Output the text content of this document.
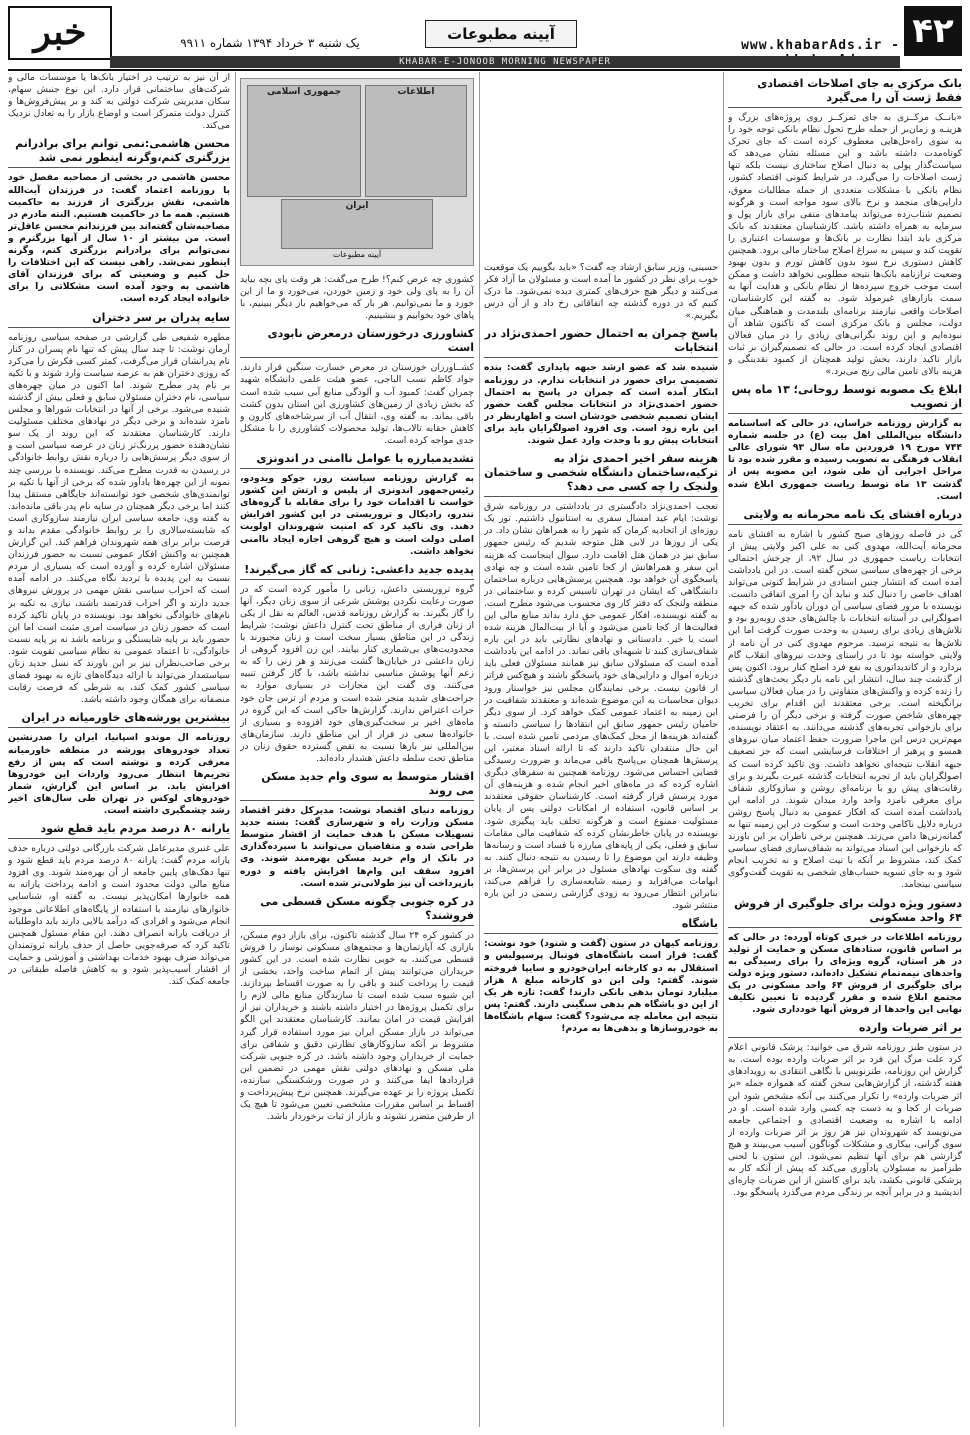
۴۲
www.khabarAds.ir -
آیینه مطبوعات
یک شنبه ۳ خرداد ۱۳۹۴ شماره ۹۹۱۱
خبر
KHABAR-E-JONOOB MORNING NEWSPAPER
بانک مرکزی به جای اصلاحات اقتصادی فقط ژست آن را می‌گیرد

«بانــک مرکــزی به جای تمرکــز روی پروژه‌های بزرگ و هزینـه و زمان‌بر از جمله طرح تحول نظام بانکی توجه خود را به سوی راه‌حل‌هایی معطوف کرده است که جای تحرک کوتاه‌مدت داشته باشد و این مسئله نشان می‌دهد که سیاست‌گذار پولی به دنبال اصلاح ساختاری نیست بلکه تنها ژست اصلاحات را می‌گیرد. در شرایط کنونی اقتصاد کشور، نظام بانکی با مشکلات متعددی از جمله مطالبات معوق، دارایی‌های منجمد و نرخ بالای سود مواجه است و هرگونه تصمیم شتاب‌زده می‌تواند پیامدهای منفی برای بازار پول و سرمایه به همراه داشته باشد. کارشناسان معتقدند که بانک مرکزی باید ابتدا نظارت بر بانک‌ها و موسسات اعتباری را تقویت کند و سپس به سراغ اصلاح ساختار مالی برود. همچنین کاهش دستوری نرخ سود بدون کاهش تورم و بدون بهبود وضعیت ترازنامه بانک‌ها نتیجه مطلوبی نخواهد داشت و ممکن است موجب خروج سپرده‌ها از نظام بانکی و هدایت آنها به سمت بازارهای غیرمولد شود. به گفته این کارشناسان، اصلاحات واقعی نیازمند برنامه‌ای بلندمدت و هماهنگی میان دولت، مجلس و بانک مرکزی است که تاکنون شاهد آن نبوده‌ایم و این روند نگرانی‌های زیادی را در میان فعالان اقتصادی ایجاد کرده است. در حالی که تصمیم‌گیران بر ثبات بازار تاکید دارند، بخش تولید همچنان از کمبود نقدینگی و هزینه بالای تامین مالی رنج می‌برد.»

ابلاغ یک مصوبه توسط روحانی؛ ۱۳ ماه پس از تصویب

به گزارش روزنامه خراسان، در حالی که اساسنامه دانشگاه بین‌المللی اهل بیت (ع) در جلسه شماره ۷۴۴ مورخ ۱۹ فروردین ماه سال ۹۳ شورای عالی انقلاب فرهنگی به تصویب رسیده و مقرر شده بود تا مراحل اجرایی آن طی شود، این مصوبه پس از گذشت ۱۳ ماه توسط ریاست جمهوری ابلاغ شده است.

درباره افشای یک نامه محرمانه به ولایتی

کی در فاصله روزهای صبح کشور با اشاره به افشای نامه محرمانه آیت‌الله، مهدوی کنی به علی اکبر ولایتی پیش از انتخابات ریاست جمهوری در سال ۹۲، از چرخش احتمالی برخی از چهره‌های سیاسی سخن گفته است. در این یادداشت آمده است که انتشار چنین اسنادی در شرایط کنونی می‌تواند اهداف خاصی را دنبال کند و نباید آن را امری اتفاقی دانست. نویسنده با مرور فضای سیاسی آن دوران یادآور شده که جبهه اصولگرایی در آستانه انتخابات با چالش‌های جدی روبه‌رو بود و تلاش‌های زیادی برای رسیدن به وحدت صورت گرفت اما این تلاش‌ها به نتیجه نرسید. مرحوم مهدوی کنی در آن نامه از ولایتی خواسته بود تا در راستای وحدت نیروهای انقلاب گام بردارد و از کاندیداتوری به نفع فرد اصلح کنار برود. اکنون پس از گذشت چند سال، انتشار این نامه بار دیگر بحث‌های گذشته را زنده کرده و واکنش‌های متفاوتی را در میان فعالان سیاسی برانگیخته است. برخی معتقدند این اقدام برای تخریب چهره‌های شاخص صورت گرفته و برخی دیگر آن را فرصتی برای بازخوانی تجربه‌های گذشته می‌دانند. به اعتقاد نویسنده، مهم‌ترین درس این ماجرا ضرورت حفظ اعتماد میان نیروهای همسو و پرهیز از اختلافات فرسایشی است که جز تضعیف جبهه انقلاب نتیجه‌ای نخواهد داشت. وی تاکید کرده است که اصولگرایان باید از تجربه انتخابات گذشته عبرت بگیرند و برای رقابت‌های پیش رو با برنامه‌ای روشن و سازوکاری شفاف برای معرفی نامزد واحد وارد میدان شوند. در ادامه این یادداشت آمده است که افکار عمومی به دنبال پاسخ روشن درباره دلایل ناکامی وحدت است و سکوت در این زمینه تنها به گمانه‌زنی‌ها دامن می‌زند. همچنین برخی ناظران بر این باورند که بازخوانی این اسناد می‌تواند به شفاف‌سازی فضای سیاسی کمک کند، مشروط بر آنکه با نیت اصلاح و نه تخریب انجام شود و به جای تسویه حساب‌های شخصی به تقویت گفت‌وگوی سیاسی بینجامد.

دستور ویژه دولت برای جلوگیری از فروش ۶۴ واحد مسکونی

روزنامه اطلاعات در خبری کوتاه آورده: در حالی که بر اساس قانون، ستادهای مسکن و حمایت از تولید در هر استان، گروه ویژه‌ای را برای رسیدگی به واحدهای نیمه‌تمام تشکیل داده‌اند، دستور ویژه دولت برای جلوگیری از فروش ۶۴ واحد مسکونی در یک مجتمع ابلاغ شده و مقرر گردیده تا تعیین تکلیف نهایی این واحدها از فروش آنها خودداری شود.

بر اثر ضربات وارده

در ستون طنز روزنامه شرق می خوانید: پزشک قانونی اعلام کرد علت مرگ این فرد بر اثر ضربات وارده بوده است. به گزارش این روزنامه، طنزنویس با نگاهی انتقادی به رویدادهای هفته گذشته، از گزارش‌هایی سخن گفته که همواره جمله «بر اثر ضربات وارده» را تکرار می‌کنند بی آنکه مشخص شود این ضربات از کجا و به دست چه کسی وارد شده است. او در ادامه با اشاره به وضعیت اقتصادی و اجتماعی جامعه می‌نویسد که شهروندان نیز هر روز بر اثر ضربات وارده از سوی گرانی، بیکاری و مشکلات گوناگون آسیب می‌بینند و هیچ گزارشی هم برای آنها تنظیم نمی‌شود. این ستون با لحنی طنزآمیز به مسئولان یادآوری می‌کند که پیش از آنکه کار به پزشکی قانونی بکشد، باید برای کاستن از این ضربات چاره‌ای اندیشید و در برابر آنچه بر زندگی مردم می‌گذرد پاسخگو بود.

حسینی، وزیر سابق ارشاد چه گفت؟ «باید بگوییم یک موقعیت خوب برای نظر در کشور ما آمده است و مسئولان ما آزاد فکر می‌کنند و دیگر هیچ حرف‌های کمتری دیده نمی‌شود. ما درک کنیم که در دوره گذشته چه اتفاقاتی رخ داد و از آن درس بگیریم.»

پاسخ چمران به احتمال حضور احمدی‌نژاد در انتخابات

شنیده شد که عضو ارشد جبهه پایداری گفت: بنده تصمیمی برای حضور در انتخابات ندارم. در روزنامه ابتکار آمده است که چمران در پاسخ به احتمال حضور احمدی‌نژاد در انتخابات مجلس گفت حضور ایشان تصمیم شخصی خودشان است و اظهارنظر در این باره زود است. وی افزود اصولگرایان باید برای انتخابات پیش رو با وحدت وارد عمل شوند.

هزینه سفر اخیر احمدی نژاد به ترکیه،ساختمان دانشگاه شخصی و ساختمان ولنجک را چه کسی می دهد؟

تعجب احمدی‌نژاد دادگستری در یادداشتی در روزنامه شرق نوشت: ایام عید امسال سفری به استانبول داشتیم. تور یک روزه‌ای از اتحادیه کرمان که شهر را به همراهان نشان داد. در یکی از روزها در لابی هتل متوجه شدیم که رئیس جمهور سابق نیز در همان هتل اقامت دارد. سوال اینجاست که هزینه این سفر و همراهانش از کجا تامین شده است و چه نهادی پاسخگوی آن خواهد بود. همچنین پرسش‌هایی درباره ساختمان دانشگاهی که ایشان در تهران تاسیس کرده و ساختمانی در منطقه ولنجک که دفتر کار وی محسوب می‌شود مطرح است. به گفته نویسنده، افکار عمومی حق دارد بداند منابع مالی این فعالیت‌ها از کجا تامین می‌شود و آیا از بیت‌المال هزینه شده است یا خیر. دادستانی و نهادهای نظارتی باید در این باره شفاف‌سازی کنند تا شبهه‌ای باقی نماند. در ادامه این یادداشت آمده است که مسئولان سابق نیز همانند مسئولان فعلی باید درباره اموال و دارایی‌های خود پاسخگو باشند و هیچ‌کس فراتر از قانون نیست. برخی نمایندگان مجلس نیز خواستار ورود دیوان محاسبات به این موضوع شده‌اند و معتقدند شفافیت در این زمینه به اعتماد عمومی کمک خواهد کرد. از سوی دیگر حامیان رئیس جمهور سابق این انتقادها را سیاسی دانسته و گفته‌اند هزینه‌ها از محل کمک‌های مردمی تامین شده است. با این حال منتقدان تاکید دارند که تا ارائه اسناد معتبر، این پرسش‌ها همچنان بی‌پاسخ باقی می‌ماند و ضرورت رسیدگی قضایی احساس می‌شود. روزنامه همچنین به سفرهای دیگری اشاره کرده که در ماه‌های اخیر انجام شده و هزینه‌های آن مورد پرسش قرار گرفته است. کارشناسان حقوقی معتقدند بر اساس قانون، استفاده از امکانات دولتی پس از پایان مسئولیت ممنوع است و هرگونه تخلف باید پیگیری شود. نویسنده در پایان خاطرنشان کرده که شفافیت مالی مقامات سابق و فعلی، یکی از پایه‌های مبارزه با فساد است و رسانه‌ها وظیفه دارند این موضوع را تا رسیدن به نتیجه دنبال کنند. به گفته وی سکوت نهادهای مسئول در برابر این پرسش‌ها، بر ابهامات می‌افزاید و زمینه شایعه‌سازی را فراهم می‌کند، بنابراین انتظار می‌رود به زودی گزارشی رسمی در این باره منتشر شود.

باشگاه

روزنامه کیهان در ستون (گفت و شنود) خود نوشت: گفت: قرار است باشگاه‌های فوتبال پرسپولیس و استقلال به دو کارخانه ایران‌خودرو و سایپا فروخته شوند. گفتم: ولی این دو کارخانه مبلغ ۸ هزار میلیارد تومان بدهی بانکی دارند! گفت: تازه هر یک از این دو باشگاه هم بدهی سنگینی دارند. گفتم: پس نتیجه این معامله چه می‌شود؟ گفت: سهام باشگاه‌ها به خودروسازها و بدهی‌ها به مردم!

اطلاعات
جمهوری اسلامی
ایران
آیینه مطبوعات

کشوری چه عرض کنم؟! طرح می‌گفت: هر وقت پای بچه بیاید آن را به پای ولی خود و زمین خوردن، می‌خورد و ما از این خورد و ما نمی‌توانیم. هر بار که می‌خواهیم باز دیگر ببینیم، با پاهای خود بخوابیم و بنشینیم.

کشاورزی درخوزستان درمعرض نابودی است

کشــاورزان خوزستان در معرض خسارت سنگین قرار دارند. جواد کاظم نسب الباجی، عضو هیئت علمی دانشگاه شهید چمران گفت: کمبود آب و آلودگی منابع آبی سبب شده است که بخش زیادی از زمین‌های کشاورزی این استان بدون کشت باقی بماند. به گفته وی، انتقال آب از سرشاخه‌های کارون و کاهش حقابه تالاب‌ها، تولید محصولات کشاورزی را با مشکل جدی مواجه کرده است.

تشدیدمبارزه با عوامل ناامنی در اندونزی

به گزارش روزنامه سیاست روز، جوکو ویدودو، رئیس‌جمهور اندونزی از پلیس و ارتش این کشور خواست تا اقدامات خود را برای مقابله با گروه‌های تندرو، رادیکال و تروریستی در این کشور افزایش دهند. وی تاکید کرد که امنیت شهروندان اولویت اصلی دولت است و هیچ گروهی اجازه ایجاد ناامنی نخواهد داشت.

پدیده جدید داعشی: زنانی که گاز می‌گیرند!

گروه تروریستی داعش، زنانی را مأمور کرده است که در صورت رعایت نکردن پوشش شرعی از سوی زنان دیگر، آنها را گاز بگیرند. به گزارش روزنامه قدس، العالم به نقل از یکی از زنان فراری از مناطق تحت کنترل داعش نوشت: شرایط زندگی در این مناطق بسیار سخت است و زنان مجبورند با محدودیت‌های بی‌شماری کنار بیایند. این زن افزود گروهی از زنان داعشی در خیابان‌ها گشت می‌زنند و هر زنی را که به زعم آنها پوشش مناسبی نداشته باشد، با گاز گرفتن تنبیه می‌کنند. وی گفت این مجازات در بسیاری موارد به جراحت‌های شدید منجر شده است و مردم از ترس جان خود جرات اعتراض ندارند. گزارش‌ها حاکی است که این گروه در ماه‌های اخیر بر سخت‌گیری‌های خود افزوده و بسیاری از خانواده‌ها سعی در فرار از این مناطق دارند. سازمان‌های بین‌المللی نیز بارها نسبت به نقض گسترده حقوق زنان در مناطق تحت سلطه داعش هشدار داده‌اند.

اقشار متوسط به سوی وام جدید مسکن می روند

روزنامه دنیای اقتصاد نوشت: مدیرکل دفتر اقتصاد مسکن وزارت راه و شهرسازی گفت: بسته جدید تسهیلات مسکن با هدف حمایت از اقشار متوسط طراحی شده و متقاضیان می‌توانند با سپرده‌گذاری در بانک از وام خرید مسکن بهره‌مند شوند. وی افزود سقف این وام‌ها افزایش یافته و دوره بازپرداخت آن نیز طولانی‌تر شده است.

در کره جنوبی چگونه مسکن قسطی می فروشند؟

در کشور کره ۲۴ سال گذشته تاکنون، برای بازار دوم مسکن، بازاری که آپارتمان‌ها و مجتمع‌های مسکونی نوساز را فروش قسطی می‌کنند، به خوبی نظارت شده است. در این کشور خریداران می‌توانند پیش از اتمام ساخت واحد، بخشی از قیمت را پرداخت کنند و باقی را به صورت اقساط بپردازند. این شیوه سبب شده است تا سازندگان منابع مالی لازم را برای تکمیل پروژه‌ها در اختیار داشته باشند و خریداران نیز از افزایش قیمت در امان بمانند. کارشناسان معتقدند این الگو می‌تواند در بازار مسکن ایران نیز مورد استفاده قرار گیرد مشروط بر آنکه سازوکارهای نظارتی دقیق و شفافی برای حمایت از خریداران وجود داشته باشد. در کره جنوبی شرکت ملی مسکن و نهادهای دولتی نقش مهمی در تضمین این قراردادها ایفا می‌کنند و در صورت ورشکستگی سازنده، تکمیل پروژه را بر عهده می‌گیرند. همچنین نرخ پیش‌پرداخت و اقساط بر اساس مقررات مشخصی تعیین می‌شود تا هیچ یک از طرفین متضرر نشوند و بازار از ثبات برخوردار باشد.

از آن نیز به ترتیب در اختیار بانک‌ها یا موسسات مالی و شرکت‌های ساختمانی قرار دارد. این نوع جنبش سهام، سکان مدیریتی شرکت دولتی به کند و بر پیش‌فروش‌ها و کنترل دولت متمرکز است و اوضاع بازار را به تعادل نزدیک می‌کند.

محسن هاشمی:نمی توانم برای برادرانم بزرگتری کنم،وگرنه اینطور نمی شد

محسن هاشمی در بخشی از مصاحبه مفصل خود با روزنامه اعتماد گفت: در فرزندان آیت‌الله هاشمی، نقش بزرگتری از فرزند به حاکمیت هستیم. همه ما در حاکمیت هستیم. البته مادرم در مصاحبه‌شان گفته‌اند بین فرزندانم محسن عاقل‌تر است. من بیشتر از ۱۰ سال از آنها بزرگترم و نمی‌توانم برای برادرانم بزرگتری کنم، وگرنه اینطور نمی‌شد. راهی نیست که این اختلافات را حل کنیم و وضعیتی که برای فرزندان آقای هاشمی به وجود آمده است مشکلاتی را برای خانواده ایجاد کرده است.

سایه پدران بر سر دختران

مطهره شفیعی طی گزارشی در صفحه سیاسی روزنامه آرمان نوشت: تا چند سال پیش که تنها نام پسران در کنار نام پدرانشان قرار می‌گرفت، کمتر کسی فکرش را می‌کرد که روزی دختران هم به عرصه سیاست وارد شوند و با تکیه بر نام پدر مطرح شوند. اما اکنون در میان چهره‌های سیاسی، نام دختران مسئولان سابق و فعلی بیش از گذشته شنیده می‌شود. برخی از آنها در انتخابات شوراها و مجلس نامزد شده‌اند و برخی دیگر در نهادهای مختلف مسئولیت دارند. کارشناسان معتقدند که این روند از یک سو نشان‌دهنده حضور پررنگ‌تر زنان در عرصه سیاسی است و از سوی دیگر پرسش‌هایی را درباره نقش روابط خانوادگی در رسیدن به قدرت مطرح می‌کند. نویسنده با بررسی چند نمونه از این چهره‌ها یادآور شده که برخی از آنها با تکیه بر توانمندی‌های شخصی خود توانسته‌اند جایگاهی مستقل پیدا کنند اما برخی دیگر همچنان در سایه نام پدر باقی مانده‌اند. به گفته وی، جامعه سیاسی ایران نیازمند سازوکاری است که شایسته‌سالاری را بر روابط خانوادگی مقدم بداند و فرصت برابر برای همه شهروندان فراهم کند. این گزارش همچنین به واکنش افکار عمومی نسبت به حضور فرزندان مسئولان اشاره کرده و آورده است که بسیاری از مردم نسبت به این پدیده با تردید نگاه می‌کنند. در ادامه آمده است که احزاب سیاسی نقش مهمی در پرورش نیروهای جدید دارند و اگر احزاب قدرتمند باشند، نیازی به تکیه بر نام‌های خانوادگی نخواهد بود. نویسنده در پایان تاکید کرده است که حضور زنان در سیاست امری مثبت است اما این حضور باید بر پایه شایستگی و برنامه باشد نه بر پایه نسبت خانوادگی، تا اعتماد عمومی به نظام سیاسی تقویت شود. برخی صاحب‌نظران نیز بر این باورند که نسل جدید زنان سیاستمدار می‌تواند با ارائه دیدگاه‌های تازه به بهبود فضای سیاسی کشور کمک کند، به شرطی که فرصت رقابت منصفانه برای همگان وجود داشته باشد.

بیشترین پورشه‌های خاورمیانه در ایران

روزنامه ال موندو اسپانیا، ایران را صدرنشین تعداد خودروهای پورشه در منطقه خاورمیانه معرفی کرده و نوشته است که پس از رفع تحریم‌ها انتظار می‌رود واردات این خودروها افزایش یابد. بر اساس این گزارش، شمار خودروهای لوکس در تهران طی سال‌های اخیر رشد چشمگیری داشته است.

یارانه ۸۰ درصد مردم باید قطع شود

علی غنبری مدیرعامل شرکت بازرگانی دولتی درباره حذف یارانه مردم گفت: یارانه ۸۰ درصد مردم باید قطع شود و تنها دهک‌های پایین جامعه از آن بهره‌مند شوند. وی افزود منابع مالی دولت محدود است و ادامه پرداخت یارانه به همه خانوارها امکان‌پذیر نیست. به گفته او، شناسایی خانوارهای نیازمند با استفاده از پایگاه‌های اطلاعاتی موجود انجام می‌شود و افرادی که درآمد بالایی دارند باید داوطلبانه از دریافت یارانه انصراف دهند. این مقام مسئول همچنین تاکید کرد که صرفه‌جویی حاصل از حذف یارانه ثروتمندان می‌تواند صرف بهبود خدمات بهداشتی و آموزشی و حمایت از اقشار آسیب‌پذیر شود و به کاهش فاصله طبقاتی در جامعه کمک کند.
